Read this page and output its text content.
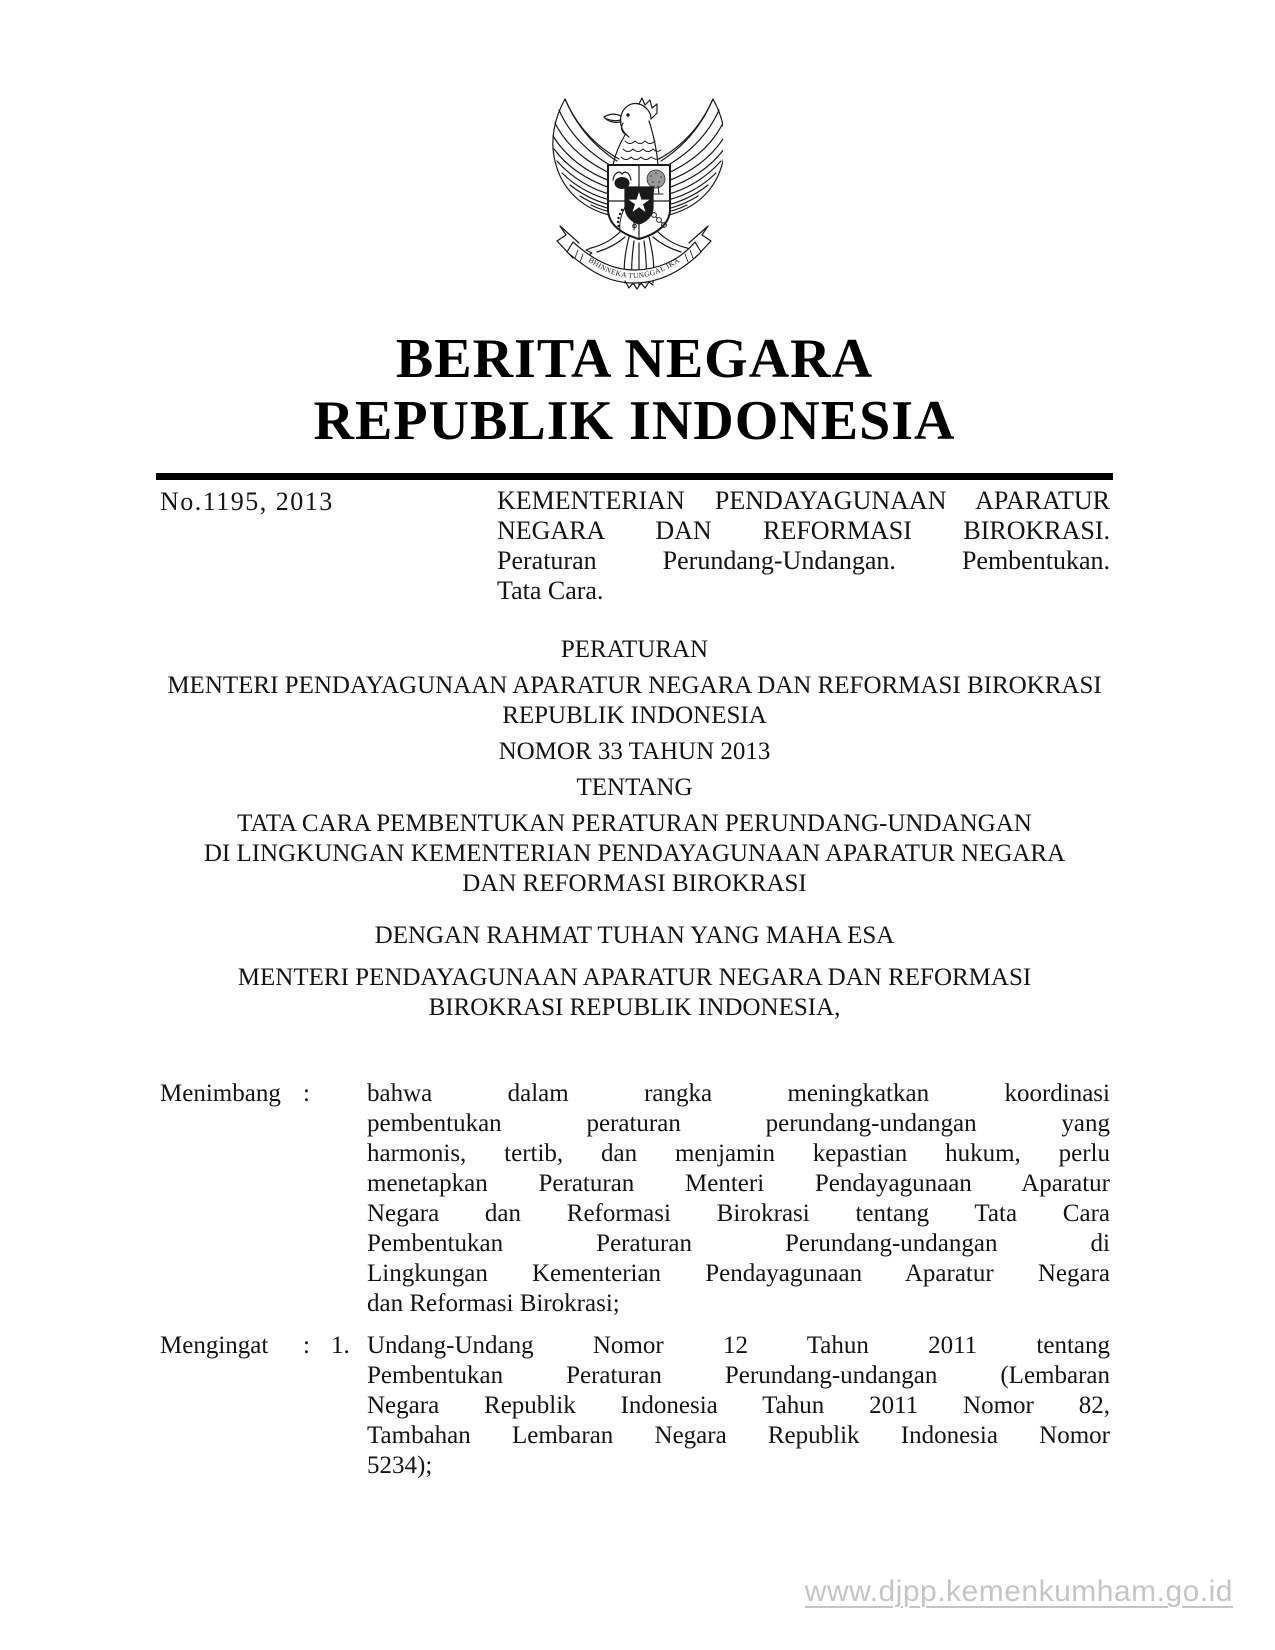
BHINNEKA TUNGGAL IKA
BERITA NEGARA
REPUBLIK INDONESIA
No.1195, 2013	KEMENTERIAN PENDAYAGUNAAN APARATUR
NEGARA DAN REFORMASI BIROKRASI.
Peraturan Perundang-Undangan. Pembentukan.
Tata Cara.
PERATURAN
MENTERI PENDAYAGUNAAN APARATUR NEGARA DAN REFORMASI BIROKRASI
REPUBLIK INDONESIA
NOMOR 33 TAHUN 2013
TENTANG
TATA CARA PEMBENTUKAN PERATURAN PERUNDANG-UNDANGAN
DI LINGKUNGAN KEMENTERIAN PENDAYAGUNAAN APARATUR NEGARA
DAN REFORMASI BIROKRASI
DENGAN RAHMAT TUHAN YANG MAHA ESA
MENTERI PENDAYAGUNAAN APARATUR NEGARA DAN REFORMASI
BIROKRASI REPUBLIK INDONESIA,
Menimbang :	bahwa dalam rangka meningkatkan koordinasi
pembentukan peraturan perundang-undangan yang
harmonis, tertib, dan menjamin kepastian hukum, perlu
menetapkan Peraturan Menteri Pendayagunaan Aparatur
Negara dan Reformasi Birokrasi tentang Tata Cara
Pembentukan Peraturan Perundang-undangan di
Lingkungan Kementerian Pendayagunaan Aparatur Negara
dan Reformasi Birokrasi;
Mengingat	: 1. Undang-Undang Nomor 12 Tahun 2011 tentang
Pembentukan Peraturan Perundang-undangan (Lembaran
Negara Republik Indonesia Tahun 2011 Nomor 82,
Tambahan Lembaran Negara Republik Indonesia Nomor
5234);
www.djpp.kemenkumham.go.id
